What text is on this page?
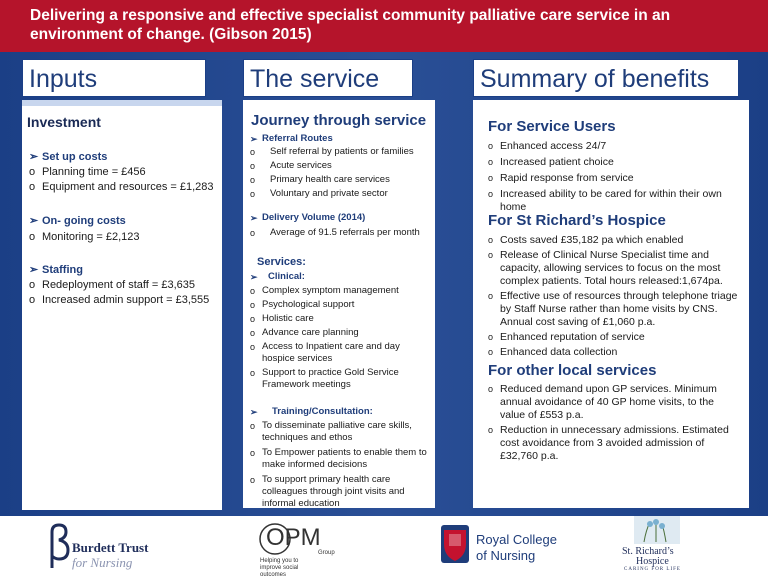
Delivering a responsive and effective specialist community palliative care service in an environment of change. (Gibson 2015)
Inputs	The service	Summary of benefits
Investment
➢ Set up costs
o Planning time = £456
o Equipment and resources = £1,283
➢ On- going costs
o Monitoring = £2,123
➢ Staffing
o Redeployment of staff = £3,635
o Increased admin support = £3,555
Journey through service
➢ Referral Routes
o	Self referral by patients or families
o	Acute services
o	Primary health care services
o	Voluntary and private sector
➢ Delivery Volume (2014)
o	Average of 91.5 referrals per month
Services:
➢	Clinical:
o Complex symptom management
o Psychological support
o Holistic care
o Advance care planning
o Access to Inpatient care and day hospice services
o Support to practice Gold Service Framework meetings
➢	Training/Consultation:
o To disseminate palliative care skills, techniques and ethos
o To Empower patients to enable them to make informed decisions
o To support primary health care colleagues through joint visits and informal education
For Service Users
o Enhanced access 24/7
o Increased patient choice
o Rapid response from service
o Increased ability to be cared for within their own home
For St Richard’s Hospice
o Costs saved £35,182 pa which enabled
o Release of Clinical Nurse Specialist time and capacity, allowing services to focus on the most complex patients. Total hours released:1,674pa.
o Effective use of resources through telephone triage by Staff Nurse rather than home visits by CNS. Annual cost saving of £1,060 p.a.
o Enhanced reputation of service
o Enhanced data collection
For other local services
o Reduced demand upon GP services. Minimum annual avoidance of 40 GP home visits, to the value of £553 p.a.
o Reduction in unnecessary admissions. Estimated cost avoidance from 3 avoided admission of £32,760 p.a.
Burdett Trust
for Nursing
OPM
Group
Helping you to improve social outcomes
Royal College
of Nursing	St. Richard’s
Hospice
CARING FOR LIFE
